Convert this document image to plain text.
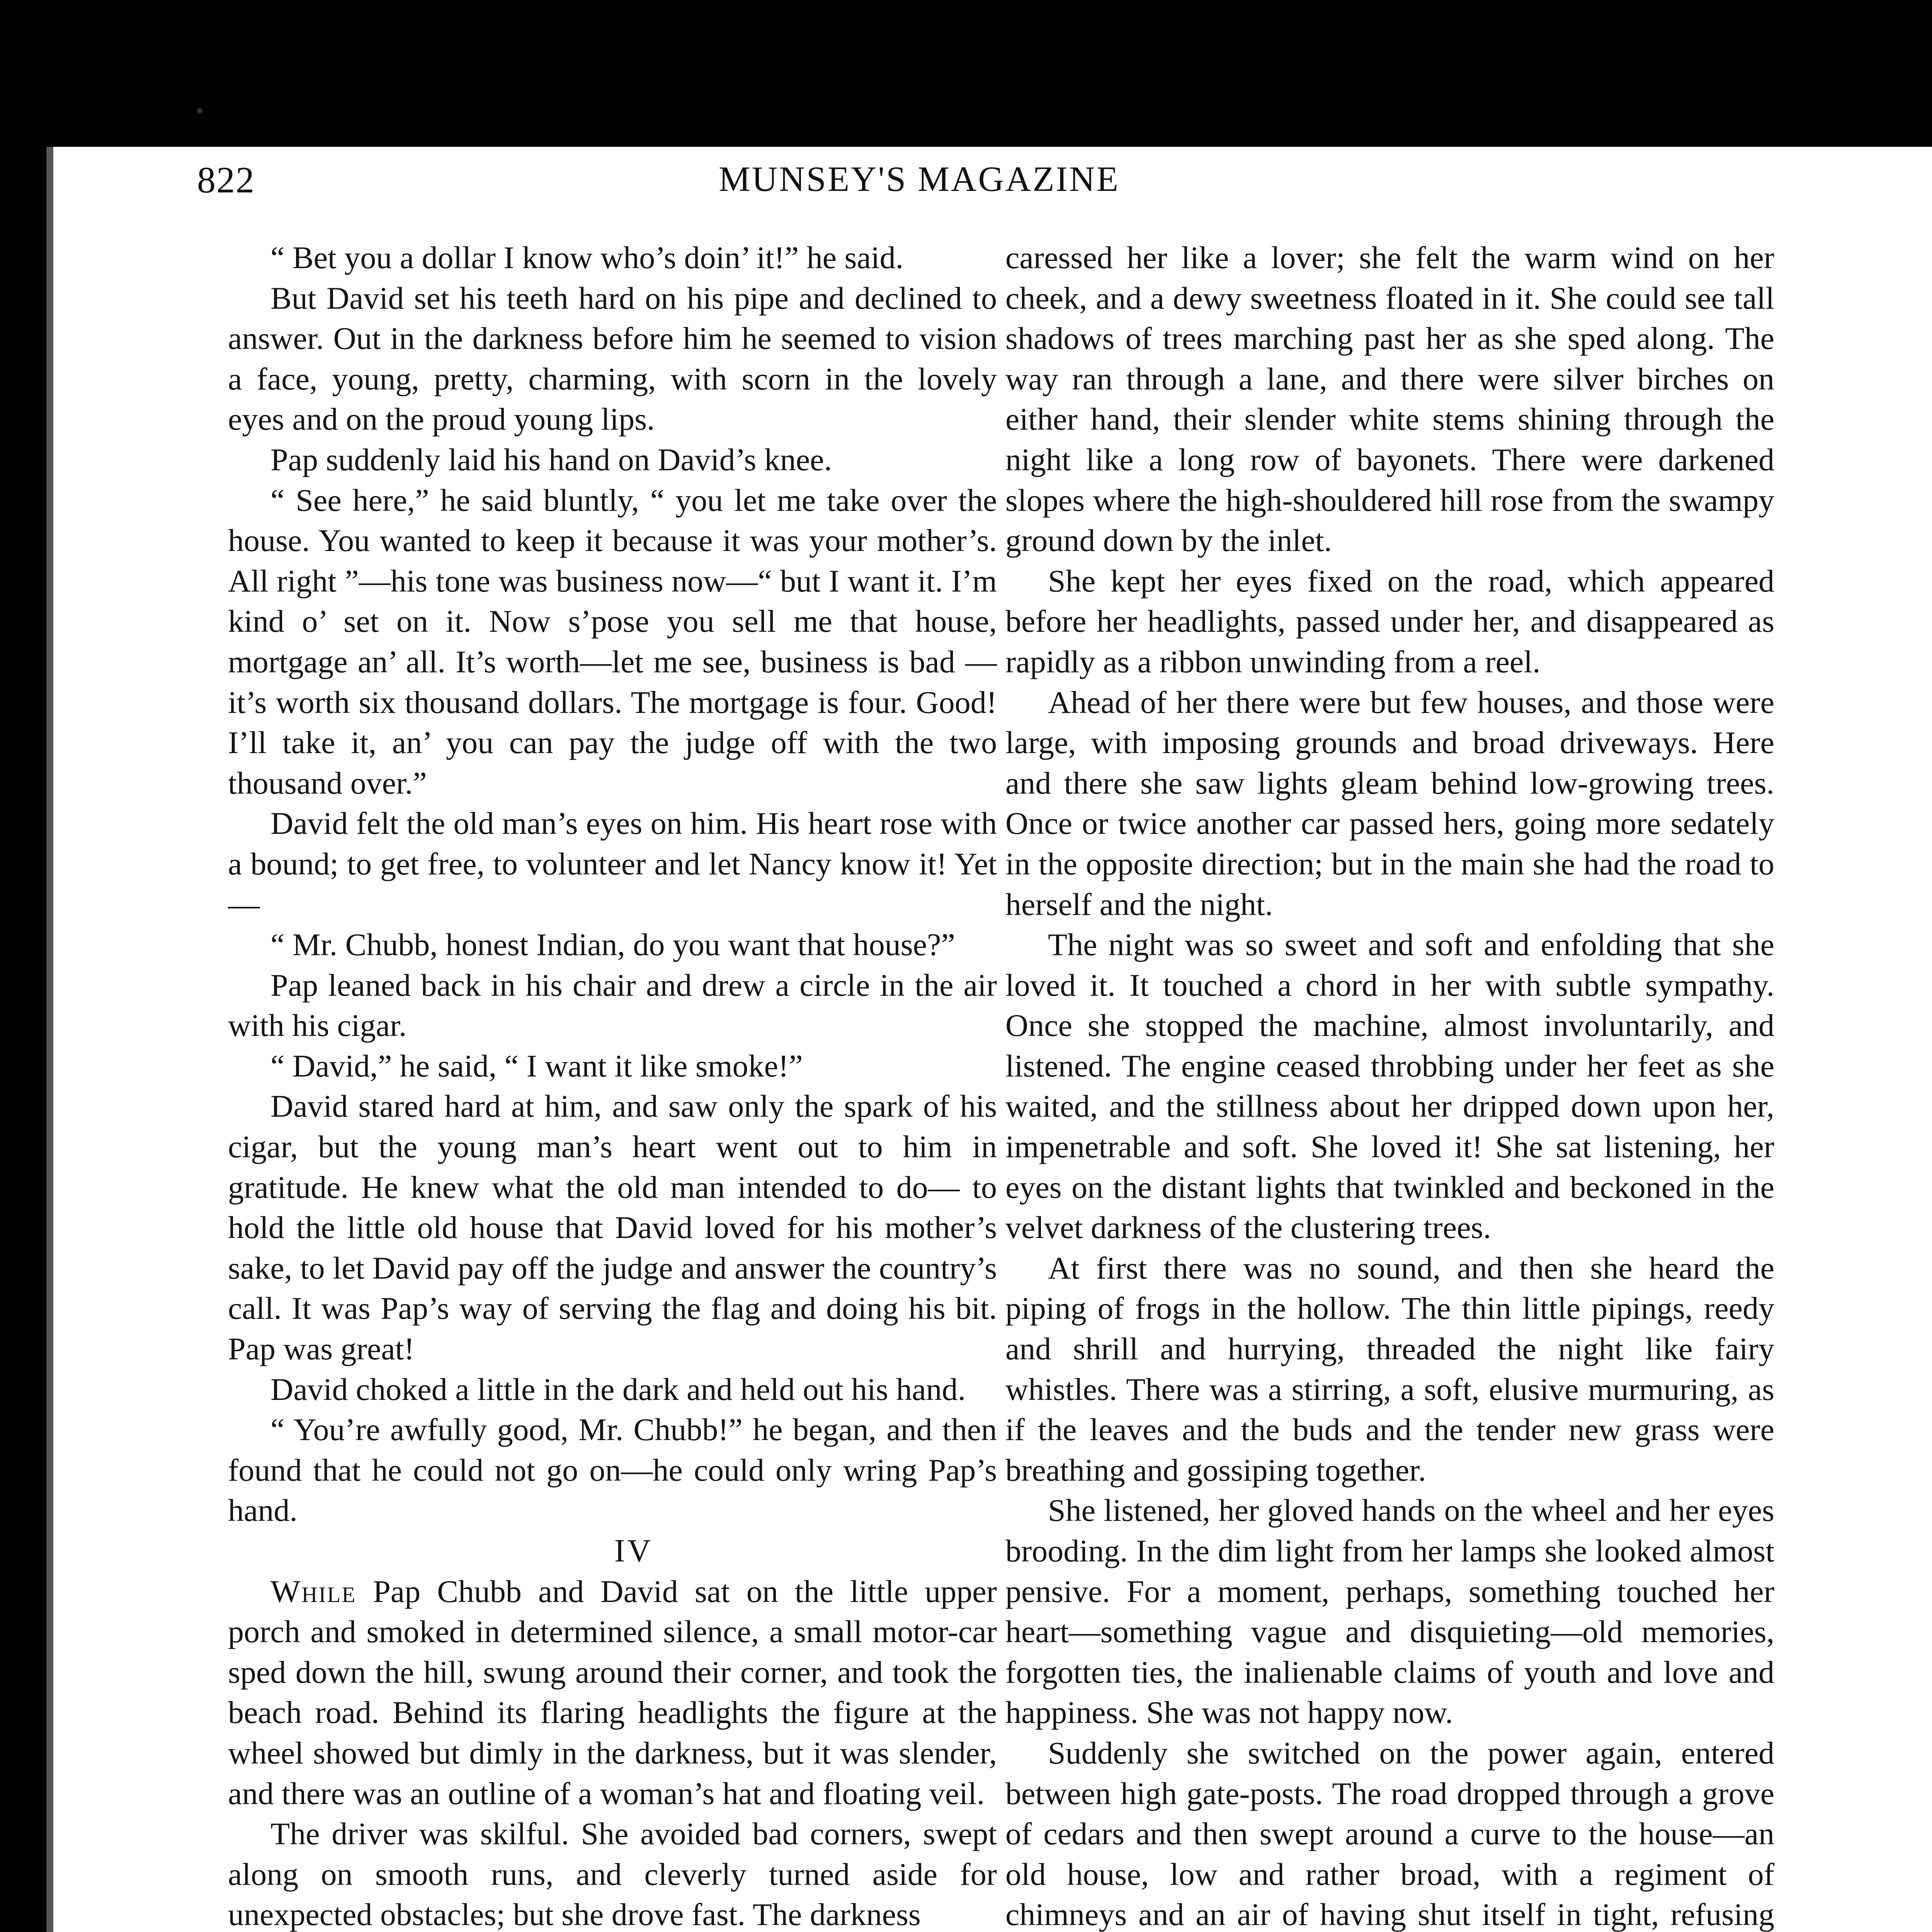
822	MUNSEY'S MAGAZINE

“ Bet you a dollar I know who’s doin’ it!” he said.

But David set his teeth hard on his pipe and declined to answer. Out in the darkness before him he seemed to vision a face, young, pretty, charming, with scorn in the lovely eyes and on the proud young lips.

Pap suddenly laid his hand on David’s knee.

“ See here,” he said bluntly, “ you let me take over the house. You wanted to keep it because it was your mother’s. All right ”—his tone was business now—“ but I want it. I’m kind o’ set on it. Now s’pose you sell me that house, mortgage an’ all. It’s worth—let me see, business is bad —it’s worth six thousand dollars. The mortgage is four. Good! I’ll take it, an’ you can pay the judge off with the two thousand over.”

David felt the old man’s eyes on him. His heart rose with a bound; to get free, to volunteer and let Nancy know it! Yet—

“ Mr. Chubb, honest Indian, do you want that house?”

Pap leaned back in his chair and drew a circle in the air with his cigar.

“ David,” he said, “ I want it like smoke!”

David stared hard at him, and saw only the spark of his cigar, but the young man’s heart went out to him in gratitude. He knew what the old man intended to do— to hold the little old house that David loved for his mother’s sake, to let David pay off the judge and answer the country’s call. It was Pap’s way of serving the flag and doing his bit. Pap was great!

David choked a little in the dark and held out his hand.

“ You’re awfully good, Mr. Chubb!” he began, and then found that he could not go on—he could only wring Pap’s hand.

IV

While Pap Chubb and David sat on the little upper porch and smoked in determined silence, a small motor-car sped down the hill, swung around their corner, and took the beach road. Behind its flaring headlights the figure at the wheel showed but dimly in the darkness, but it was slender, and there was an outline of a woman’s hat and floating veil.

The driver was skilful. She avoided bad corners, swept along on smooth runs, and cleverly turned aside for unexpected obstacles; but she drove fast. The darkness

caressed her like a lover; she felt the warm wind on her cheek, and a dewy sweetness floated in it. She could see tall shadows of trees marching past her as she sped along. The way ran through a lane, and there were silver birches on either hand, their slender white stems shining through the night like a long row of bayonets. There were darkened slopes where the high-shouldered hill rose from the swampy ground down by the inlet.

She kept her eyes fixed on the road, which appeared before her headlights, passed under her, and disappeared as rapidly as a ribbon unwinding from a reel.

Ahead of her there were but few houses, and those were large, with imposing grounds and broad driveways. Here and there she saw lights gleam behind low-growing trees. Once or twice another car passed hers, going more sedately in the opposite direction; but in the main she had the road to herself and the night.

The night was so sweet and soft and enfolding that she loved it. It touched a chord in her with subtle sympathy. Once she stopped the machine, almost involuntarily, and listened. The engine ceased throbbing under her feet as she waited, and the stillness about her dripped down upon her, impenetrable and soft. She loved it! She sat listening, her eyes on the distant lights that twinkled and beckoned in the velvet darkness of the clustering trees.

At first there was no sound, and then she heard the piping of frogs in the hollow. The thin little pipings, reedy and shrill and hurrying, threaded the night like fairy whistles. There was a stirring, a soft, elusive murmuring, as if the leaves and the buds and the tender new grass were breathing and gossiping together.

She listened, her gloved hands on the wheel and her eyes brooding. In the dim light from her lamps she looked almost pensive. For a moment, perhaps, something touched her heart—something vague and disquieting—old memories, forgotten ties, the inalienable claims of youth and love and happiness. She was not happy now.

Suddenly she switched on the power again, entered between high gate-posts. The road dropped through a grove of cedars and then swept around a curve to the house—an old house, low and rather broad, with a regiment of chimneys and an air of having shut itself in tight, refusing
